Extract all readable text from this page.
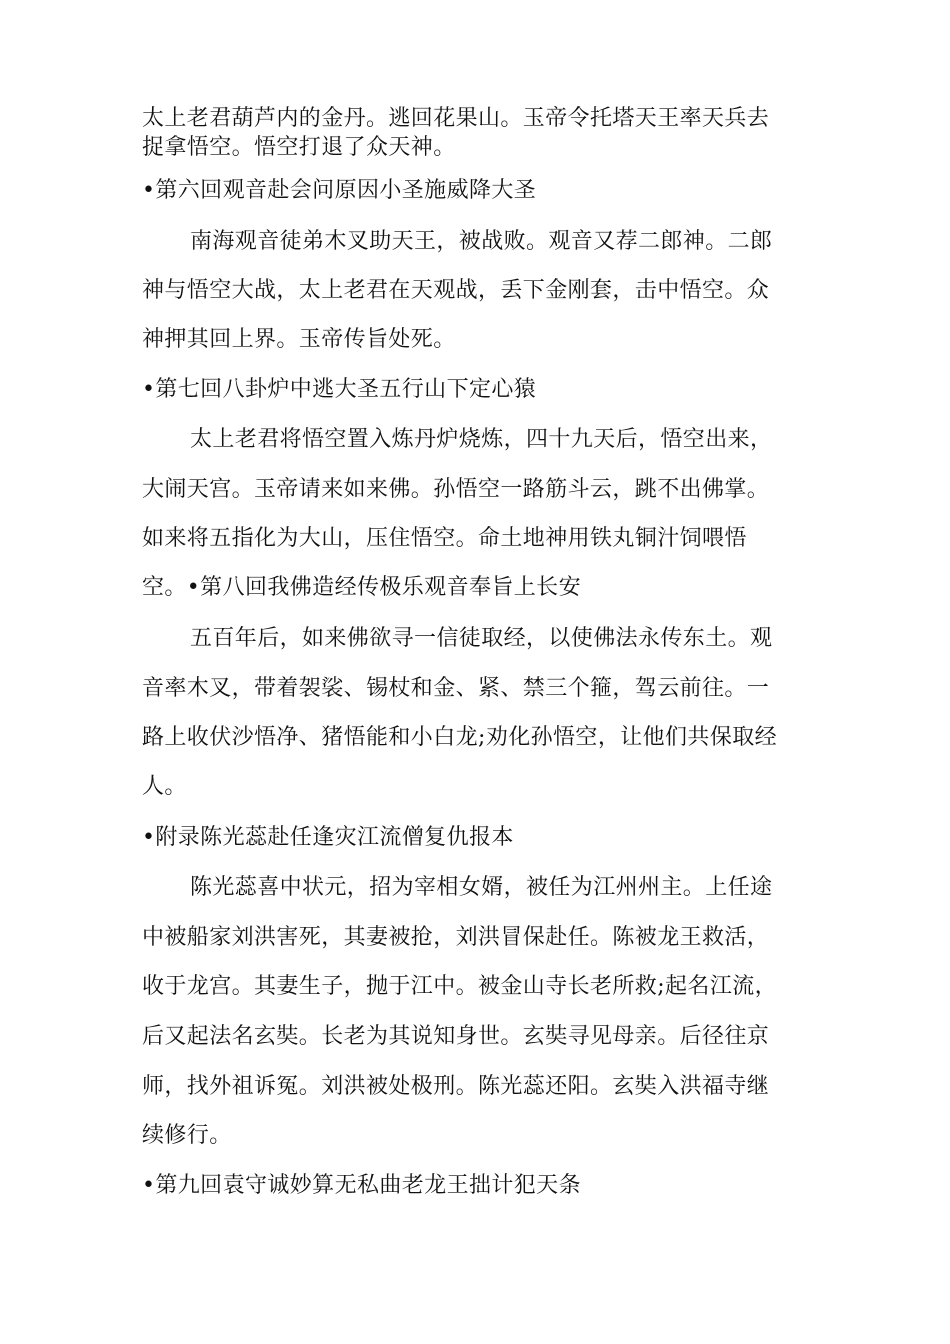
太上老君葫芦内的金丹。逃回花果山。玉帝令托塔天王率天兵去
捉拿悟空。悟空打退了众天神。
•第六回观音赴会问原因小圣施威降大圣
南海观音徒弟木叉助天王，被战败。观音又荐二郎神。二郎
神与悟空大战，太上老君在天观战，丢下金刚套，击中悟空。众
神押其回上界。玉帝传旨处死。
•第七回八卦炉中逃大圣五行山下定心猿
太上老君将悟空置入炼丹炉烧炼，四十九天后，悟空出来，
大闹天宫。玉帝请来如来佛。孙悟空一路筋斗云，跳不出佛掌。
如来将五指化为大山，压住悟空。命土地神用铁丸铜汁饲喂悟
空。•第八回我佛造经传极乐观音奉旨上长安
五百年后，如来佛欲寻一信徒取经，以使佛法永传东土。观
音率木叉，带着袈裟、锡杖和金、紧、禁三个箍，驾云前往。一
路上收伏沙悟净、猪悟能和小白龙;劝化孙悟空，让他们共保取经
人。
•附录陈光蕊赴任逢灾江流僧复仇报本
陈光蕊喜中状元，招为宰相女婿，被任为江州州主。上任途
中被船家刘洪害死，其妻被抢，刘洪冒保赴任。陈被龙王救活，
收于龙宫。其妻生子，抛于江中。被金山寺长老所救;起名江流，
后又起法名玄奘。长老为其说知身世。玄奘寻见母亲。后径往京
师，找外祖诉冤。刘洪被处极刑。陈光蕊还阳。玄奘入洪福寺继
续修行。
•第九回袁守诚妙算无私曲老龙王拙计犯天条
